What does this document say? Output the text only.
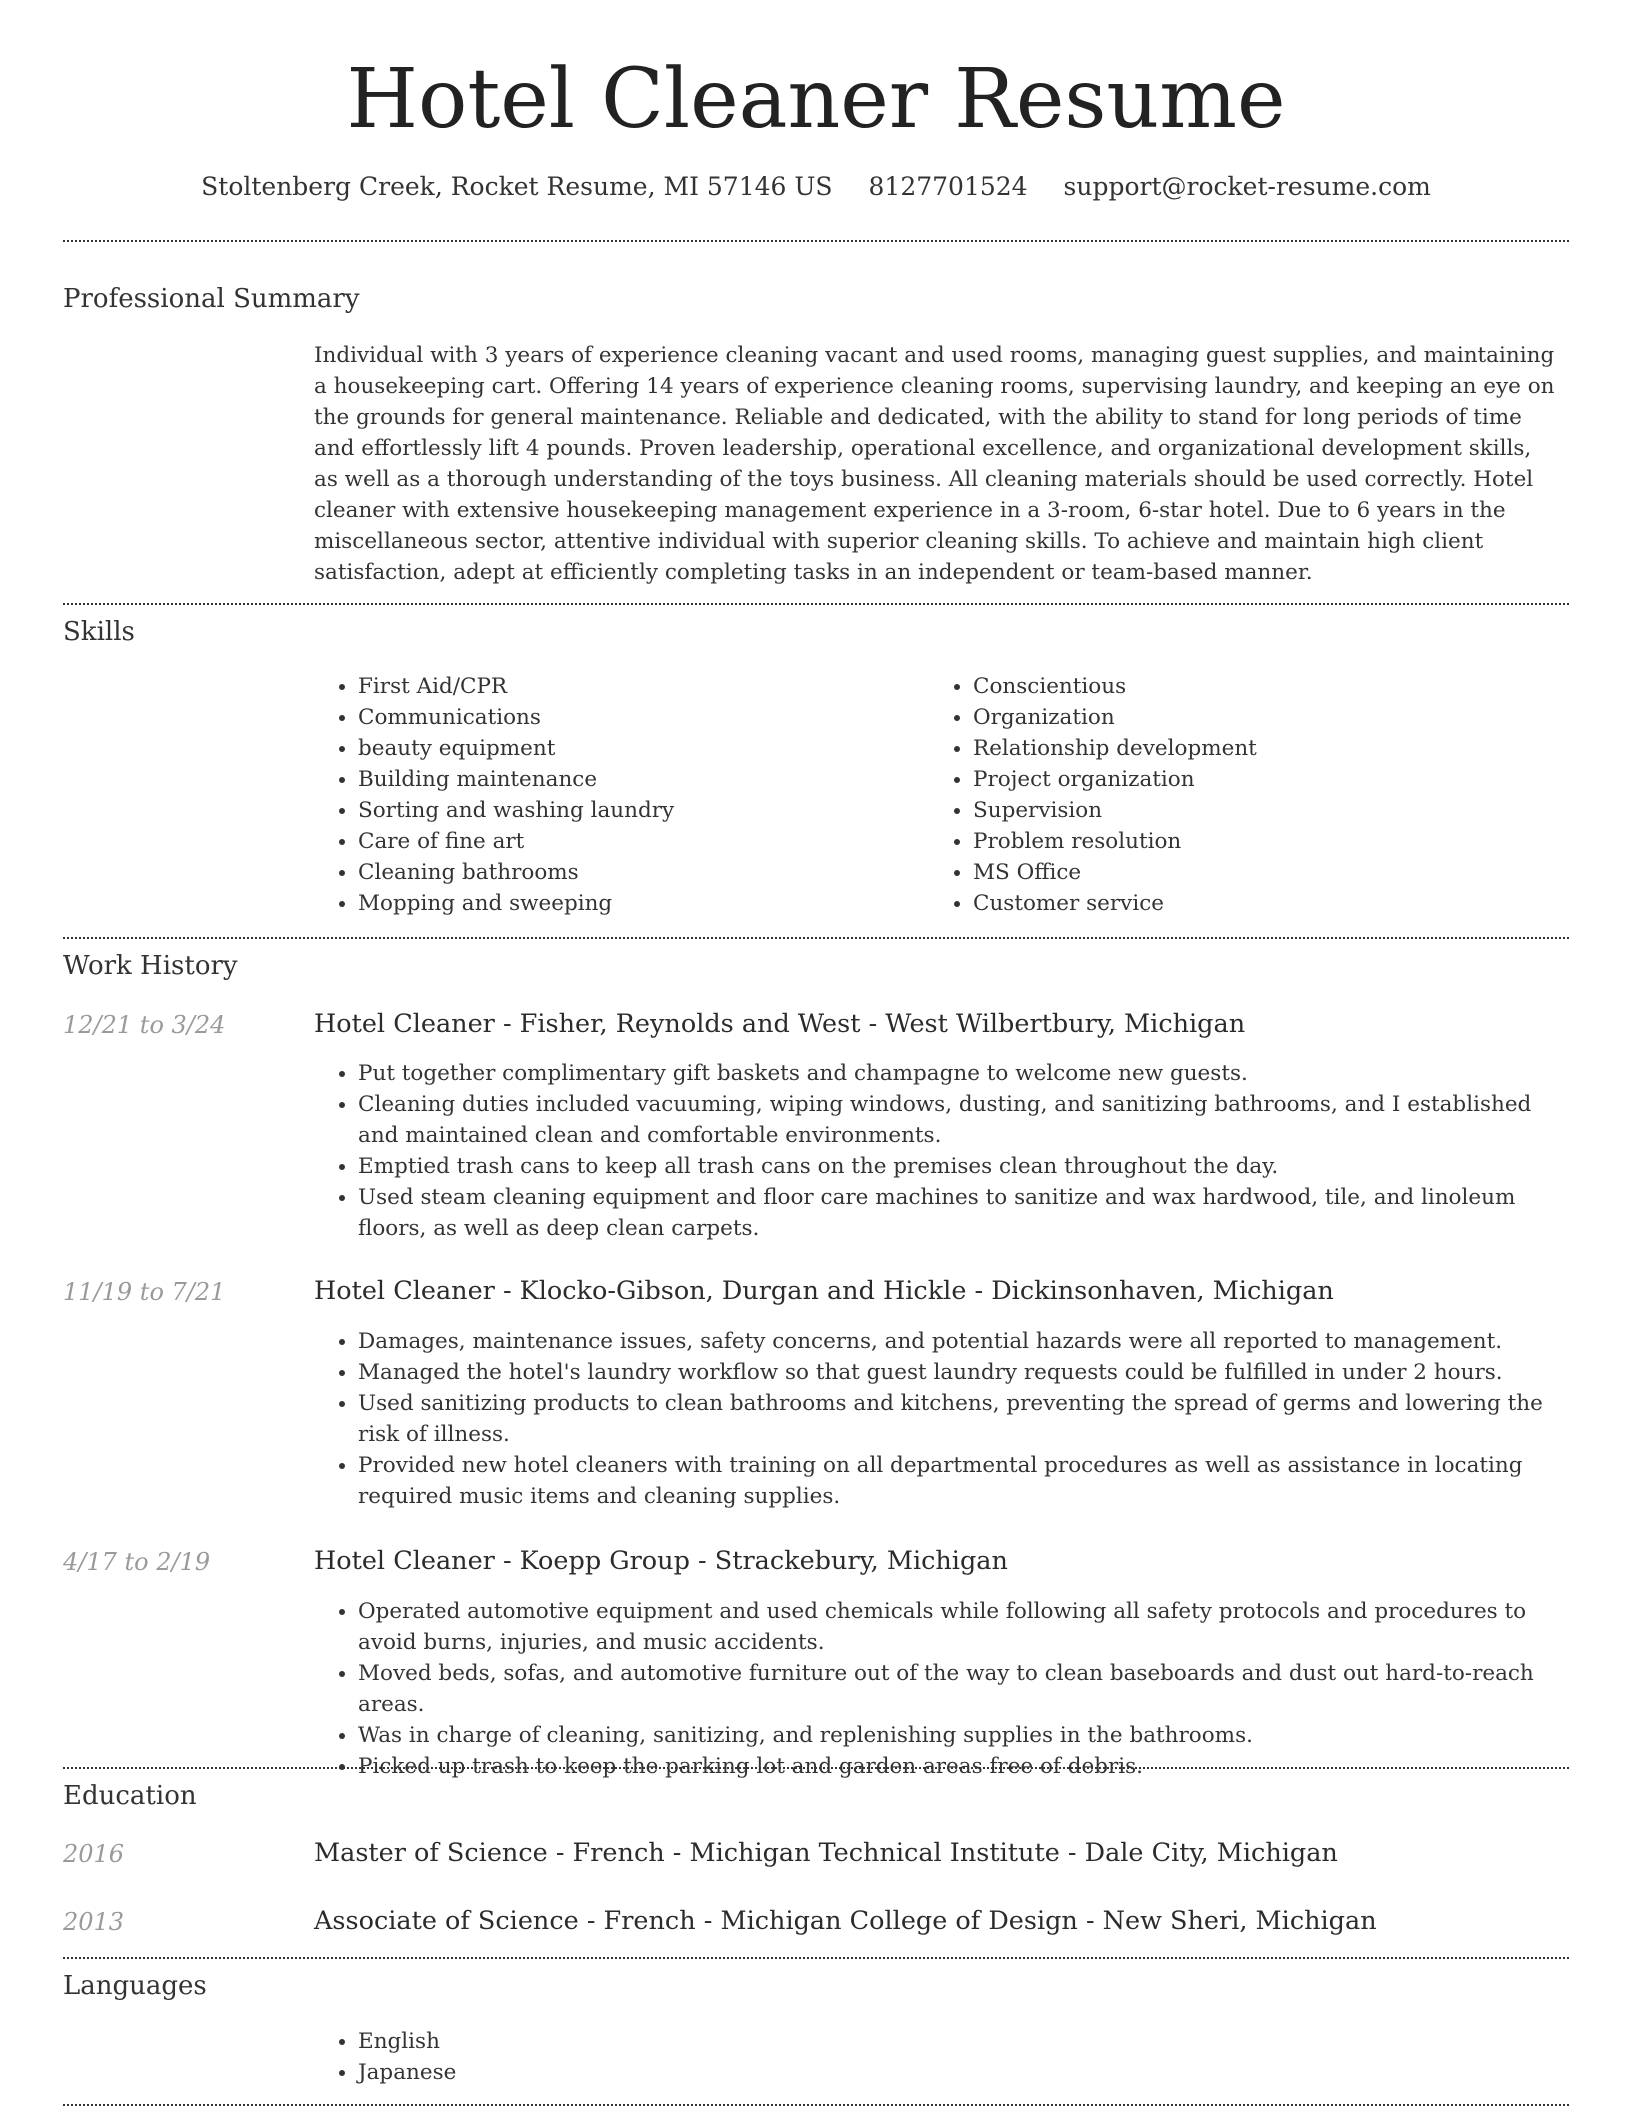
Hotel Cleaner Resume
Stoltenberg Creek, Rocket Resume, MI 57146 US 8127701524 support@rocket-resume.com
Professional Summary
Individual with 3 years of experience cleaning vacant and used rooms, managing guest supplies, and maintaining a housekeeping cart. Offering 14 years of experience cleaning rooms, supervising laundry, and keeping an eye on the grounds for general maintenance. Reliable and dedicated, with the ability to stand for long periods of time and effortlessly lift 4 pounds. Proven leadership, operational excellence, and organizational development skills, as well as a thorough understanding of the toys business. All cleaning materials should be used correctly. Hotel cleaner with extensive housekeeping management experience in a 3-room, 6-star hotel. Due to 6 years in the miscellaneous sector, attentive individual with superior cleaning skills. To achieve and maintain high client satisfaction, adept at efficiently completing tasks in an independent or team-based manner.
Skills
• First Aid/CPR
• Communications
• beauty equipment
• Building maintenance
• Sorting and washing laundry
• Care of fine art
• Cleaning bathrooms
• Mopping and sweeping
• Conscientious
• Organization
• Relationship development
• Project organization
• Supervision
• Problem resolution
• MS Office
• Customer service
Work History
12/21 to 3/24	Hotel Cleaner - Fisher, Reynolds and West - West Wilbertbury, Michigan
• Put together complimentary gift baskets and champagne to welcome new guests.
• Cleaning duties included vacuuming, wiping windows, dusting, and sanitizing bathrooms, and I established and maintained clean and comfortable environments.
• Emptied trash cans to keep all trash cans on the premises clean throughout the day.
• Used steam cleaning equipment and floor care machines to sanitize and wax hardwood, tile, and linoleum floors, as well as deep clean carpets.
11/19 to 7/21	Hotel Cleaner - Klocko-Gibson, Durgan and Hickle - Dickinsonhaven, Michigan
• Damages, maintenance issues, safety concerns, and potential hazards were all reported to management.
• Managed the hotel's laundry workflow so that guest laundry requests could be fulfilled in under 2 hours.
• Used sanitizing products to clean bathrooms and kitchens, preventing the spread of germs and lowering the risk of illness.
• Provided new hotel cleaners with training on all departmental procedures as well as assistance in locating required music items and cleaning supplies.
4/17 to 2/19	Hotel Cleaner - Koepp Group - Strackebury, Michigan
• Operated automotive equipment and used chemicals while following all safety protocols and procedures to avoid burns, injuries, and music accidents.
• Moved beds, sofas, and automotive furniture out of the way to clean baseboards and dust out hard-to-reach areas.
• Was in charge of cleaning, sanitizing, and replenishing supplies in the bathrooms.
• Picked up trash to keep the parking lot and garden areas free of debris.
Education
2016	Master of Science - French - Michigan Technical Institute - Dale City, Michigan
2013	Associate of Science - French - Michigan College of Design - New Sheri, Michigan
Languages
• English
• Japanese
